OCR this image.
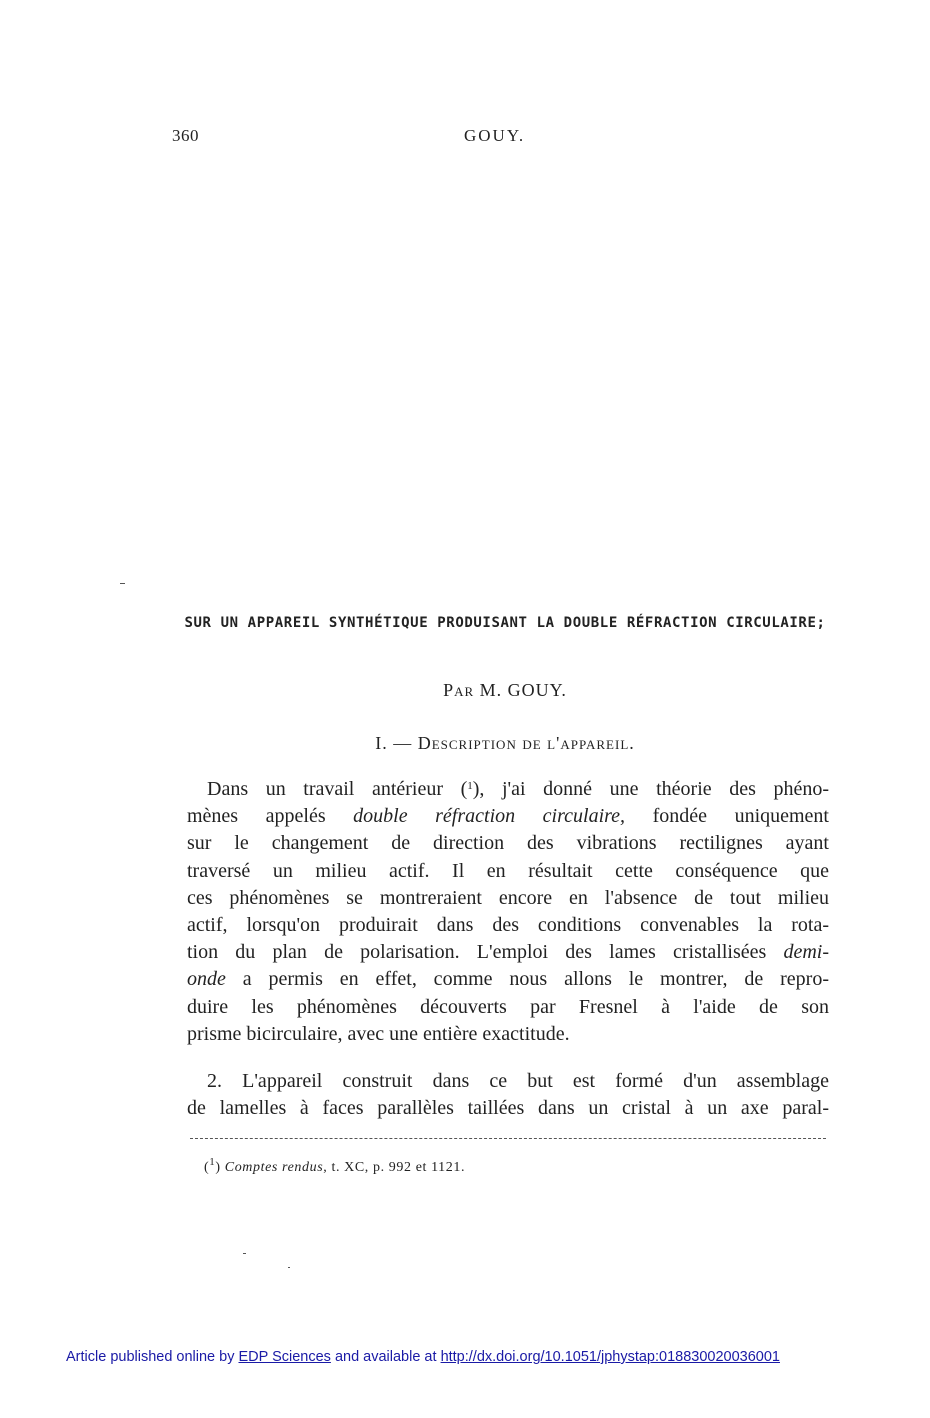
360	GOUY.
SUR UN APPAREIL SYNTHÉTIQUE PRODUISANT LA DOUBLE RÉFRACTION CIRCULAIRE;
Par M. GOUY.
I. — Description de l'appareil.
Dans un travail antérieur ($^1$), j'ai donné une théorie des phéno-
mènes appelés double réfraction circulaire, fondée uniquement
sur le changement de direction des vibrations rectilignes ayant
traversé un milieu actif. Il en résultait cette conséquence que
ces phénomènes se montreraient encore en l'absence de tout milieu
actif, lorsqu'on produirait dans des conditions convenables la rota-
tion du plan de polarisation. L'emploi des lames cristallisées demi-
onde a permis en effet, comme nous allons le montrer, de repro-
duire les phénomènes découverts par Fresnel à l'aide de son
prisme bicirculaire, avec une entière exactitude.
2. L'appareil construit dans ce but est formé d'un assemblage
de lamelles à faces parallèles taillées dans un cristal à un axe paral-
($^1$) Comptes rendus, t. XC, p. 992 et 1121.
Article published online by EDP Sciences and available at http://dx.doi.org/10.1051/jphystap:018830020036001
